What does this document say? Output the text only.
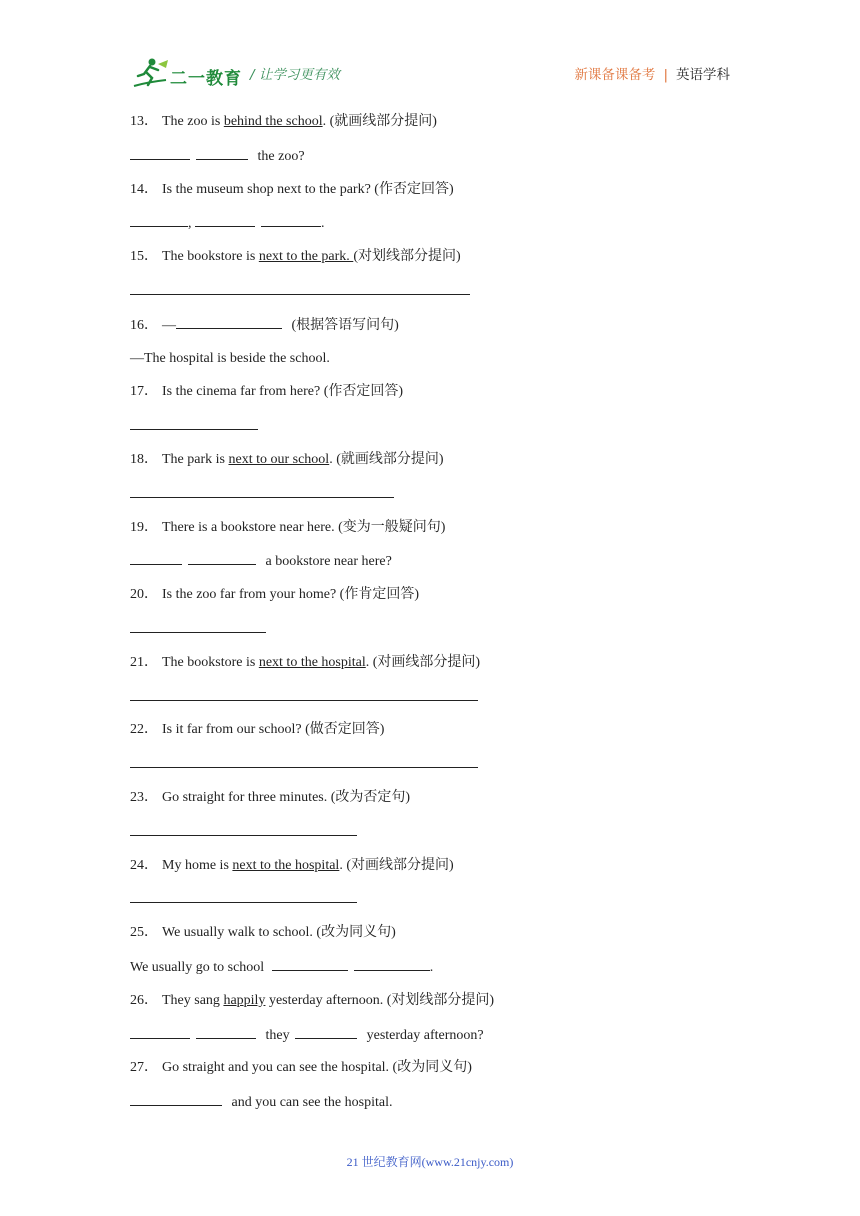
二一教育 / 让学习更有效	新课备课备考 | 英语学科
13． The zoo is behind the school. (就画线部分提问)
the zoo?
14． Is the museum shop next to the park? (作否定回答)
,	.
15． The bookstore is next to the park. (对划线部分提问)
16． —	(根据答语写问句)
—The hospital is beside the school.
17． Is the cinema far from here? (作否定回答)
18． The park is next to our school. (就画线部分提问)
19． There is a bookstore near here. (变为一般疑问句)
a bookstore near here?
20． Is the zoo far from your home? (作肯定回答)
21． The bookstore is next to the hospital. (对画线部分提问)
22． Is it far from our school? (做否定回答)
23． Go straight for three minutes. (改为否定句)
24． My home is next to the hospital. (对画线部分提问)
25． We usually walk to school. (改为同义句)
We usually go to school	.
26． They sang happily yesterday afternoon. (对划线部分提问)
they	yesterday afternoon?
27． Go straight and you can see the hospital. (改为同义句)
and you can see the hospital.
21 世纪教育网(www.21cnjy.com)
